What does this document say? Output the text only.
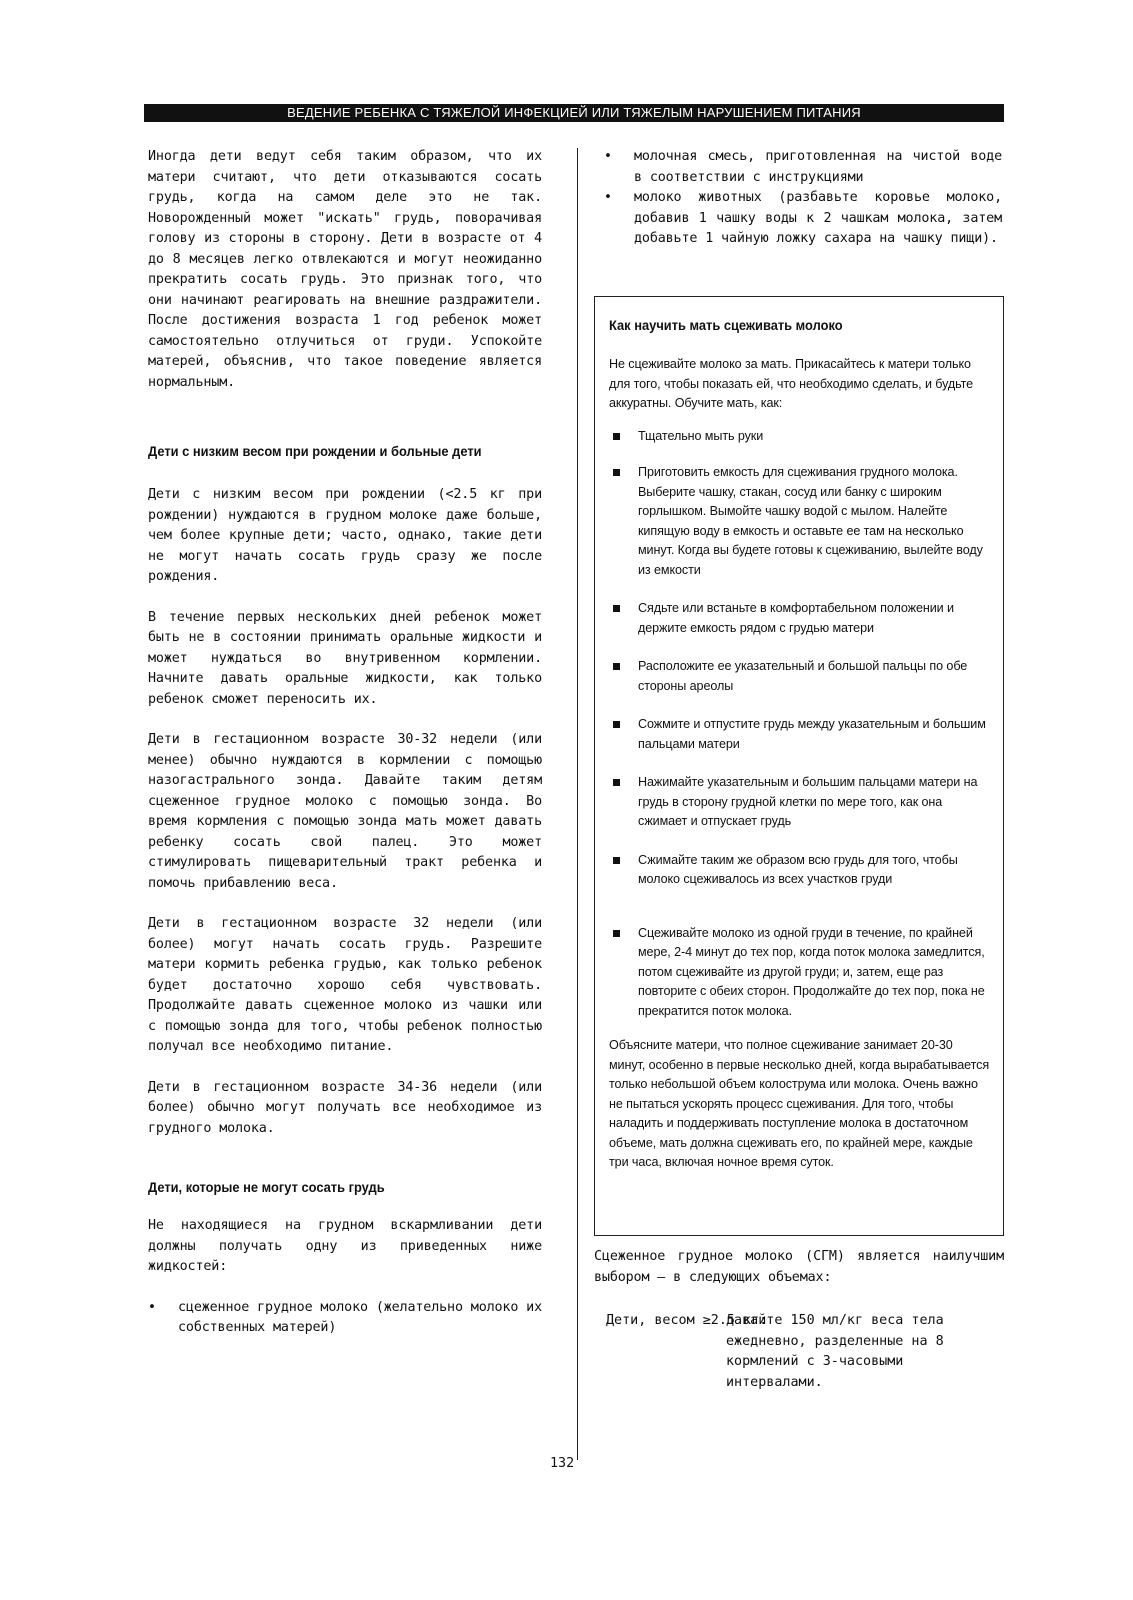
ВЕДЕНИЕ РЕБЕНКА С ТЯЖЕЛОЙ ИНФЕКЦИЕЙ ИЛИ ТЯЖЕЛЫМ НАРУШЕНИЕМ ПИТАНИЯ

Иногда дети ведут себя таким образом, что их матери считают, что дети отказываются сосать грудь, когда на самом деле это не так. Новорожденный может "искать" грудь, поворачивая голову из стороны в сторону. Дети в возрасте от 4 до 8 месяцев легко отвлекаются и могут неожиданно прекратить сосать грудь. Это признак того, что они начинают реагировать на внешние раздражители. После достижения возраста 1 год ребенок может самостоятельно отлучиться от груди. Успокойте матерей, объяснив, что такое поведение является нормальным.

Дети с низким весом при рождении и больные дети

Дети с низким весом при рождении (<2.5 кг при рождении) нуждаются в грудном молоке даже больше, чем более крупные дети; часто, однако, такие дети не могут начать сосать грудь сразу же после рождения.

В течение первых нескольких дней ребенок может быть не в состоянии принимать оральные жидкости и может нуждаться во внутривенном кормлении. Начните давать оральные жидкости, как только ребенок сможет переносить их.

Дети в гестационном возрасте 30-32 недели (или менее) обычно нуждаются в кормлении с помощью назогастрального зонда. Давайте таким детям сцеженное грудное молоко с помощью зонда. Во время кормления с помощью зонда мать может давать ребенку сосать свой палец. Это может стимулировать пищеварительный тракт ребенка и помочь прибавлению веса.

Дети в гестационном возрасте 32 недели (или более) могут начать сосать грудь. Разрешите матери кормить ребенка грудью, как только ребенок будет достаточно хорошо себя чувствовать. Продолжайте давать сцеженное молоко из чашки или с помощью зонда для того, чтобы ребенок полностью получал все необходимо питание.

Дети в гестационном возрасте 34-36 недели (или более) обычно могут получать все необходимое из грудного молока.

Дети, которые не могут сосать грудь

Не находящиеся на грудном вскармливании дети должны получать одну из приведенных ниже жидкостей:

• сцеженное грудное молоко (желательно молоко их собственных матерей)
• молочная смесь, приготовленная на чистой воде в соответствии с инструкциями
• молоко животных (разбавьте коровье молоко, добавив 1 чашку воды к 2 чашкам молока, затем добавьте 1 чайную ложку сахара на чашку пищи).
Как научить мать сцеживать молоко

Не сцеживайте молоко за мать. Прикасайтесь к матери только для того, чтобы показать ей, что необходимо сделать, и будьте аккуратны. Обучите мать, как:

Тщательно мыть руки
Приготовить емкость для сцеживания грудного молока. Выберите чашку, стакан, сосуд или банку с широким горлышком. Вымойте чашку водой с мылом. Налейте кипящую воду в емкость и оставьте ее там на несколько минут. Когда вы будете готовы к сцеживанию, вылейте воду из емкости
Сядьте или встаньте в комфортабельном положении и держите емкость рядом с грудью матери
Расположите ее указательный и большой пальцы по обе стороны ареолы
Сожмите и отпустите грудь между указательным и большим пальцами матери
Нажимайте указательным и большим пальцами матери на грудь в сторону грудной клетки по мере того, как она сжимает и отпускает грудь
Сжимайте таким же образом всю грудь для того, чтобы молоко сцеживалось из всех участков груди
Сцеживайте молоко из одной груди в течение, по крайней мере, 2-4 минут до тех пор, когда поток молока замедлится, потом сцеживайте из другой груди; и, затем, еще раз повторите с обеих сторон. Продолжайте до тех пор, пока не прекратится поток молока.

Объясните матери, что полное сцеживание занимает 20-30 минут, особенно в первые несколько дней, когда вырабатывается только небольшой объем колострума или молока. Очень важно не пытаться ускорять процесс сцеживания. Для того, чтобы наладить и поддерживать поступление молока в достаточном объеме, мать должна сцеживать его, по крайней мере, каждые три часа, включая ночное время суток.

Сцеженное грудное молоко (СГМ) является наилучшим выбором – в следующих объемах:

Дети, весом ≥2.5 кг:
давайте 150 мл/кг веса тела ежедневно, разделенные на 8 кормлений с 3-часовыми интервалами.
132
